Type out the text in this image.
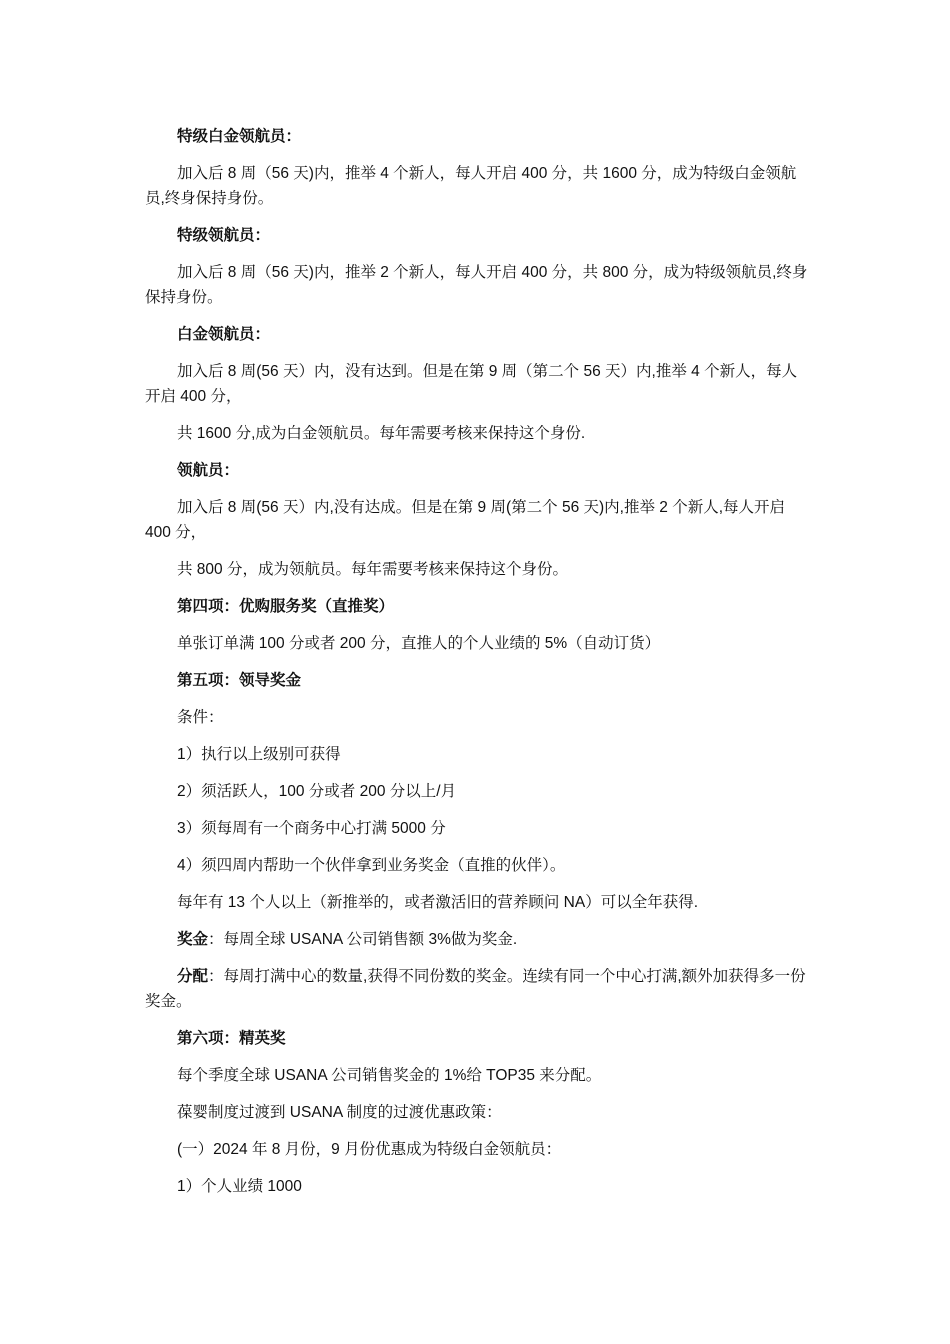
特级白金领航员：

加入后 8 周（56 天)内，推举 4 个新人，每人开启 400 分，共 1600 分，成为特级白金领航员,终身保持身份。

特级领航员：

加入后 8 周（56 天)内，推举 2 个新人，每人开启 400 分，共 800 分，成为特级领航员,终身保持身份。

白金领航员：

加入后 8 周(56 天）内，没有达到。但是在第 9 周（第二个 56 天）内,推举 4 个新人，每人开启 400 分，

共 1600 分,成为白金领航员。每年需要考核来保持这个身份.

领航员：

加入后 8 周(56 天）内,没有达成。但是在第 9 周(第二个 56 天)内,推举 2 个新人,每人开启 400 分，

共 800 分，成为领航员。每年需要考核来保持这个身份。

第四项：优购服务奖（直推奖）

单张订单满 100 分或者 200 分，直推人的个人业绩的 5%（自动订货）

第五项：领导奖金

条件：

1）执行以上级别可获得

2）须活跃人，100 分或者 200 分以上/月

3）须每周有一个商务中心打满 5000 分

4）须四周内帮助一个伙伴拿到业务奖金（直推的伙伴）。

每年有 13 个人以上（新推举的，或者激活旧的营养顾问 NA）可以全年获得.

奖金：每周全球 USANA 公司销售额 3%做为奖金.

分配：每周打满中心的数量,获得不同份数的奖金。连续有同一个中心打满,额外加获得多一份奖金。

第六项：精英奖

每个季度全球 USANA 公司销售奖金的 1%给 TOP35 来分配。

葆婴制度过渡到 USANA 制度的过渡优惠政策：

(一）2024 年 8 月份，9 月份优惠成为特级白金领航员：

1）个人业绩 1000
